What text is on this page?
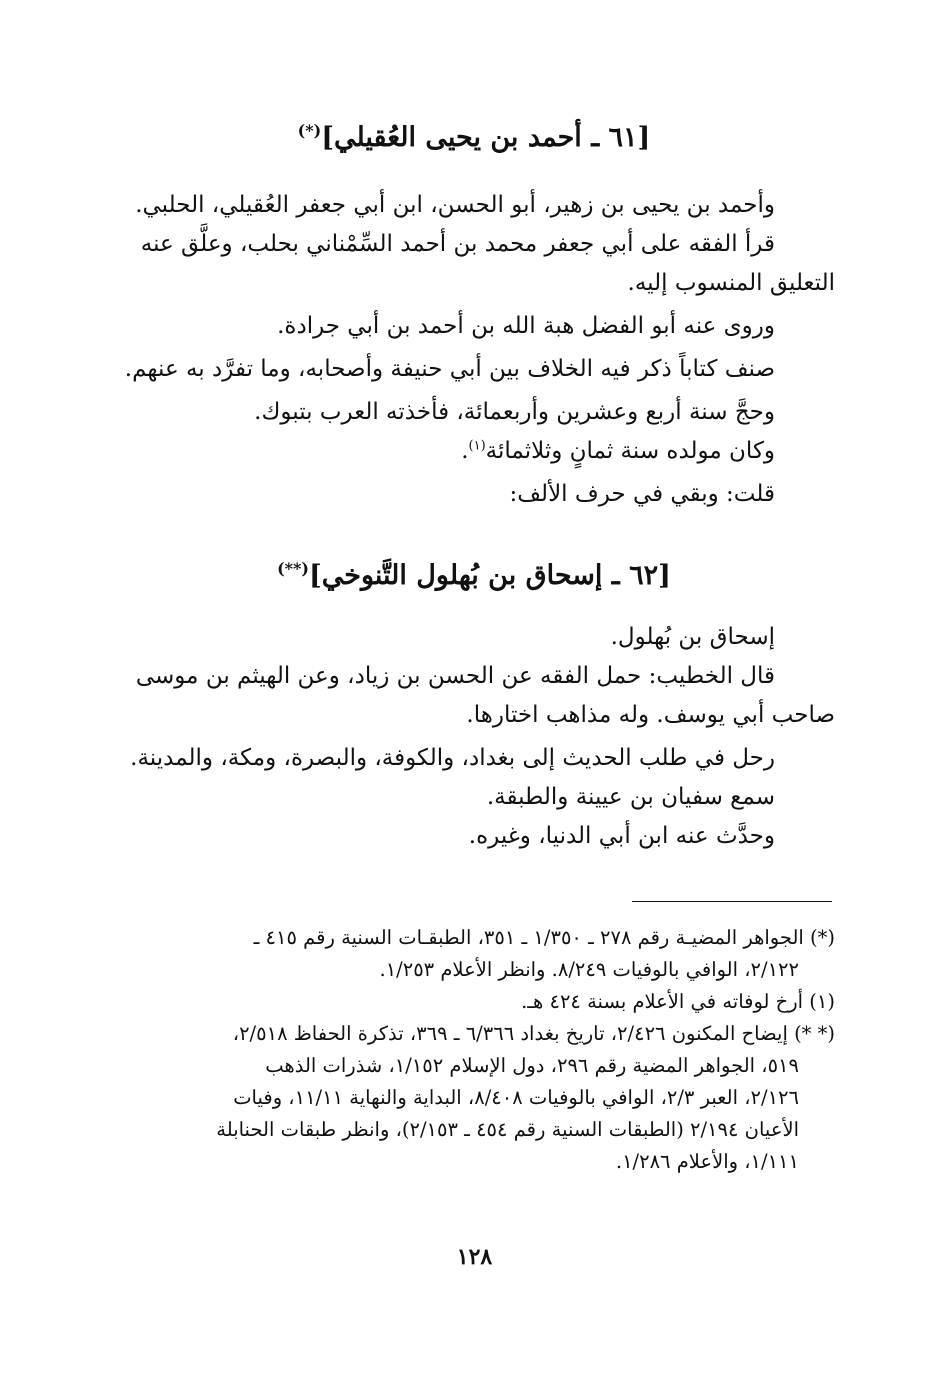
[٦١ ـ أحمد بن يحيى العُقيلي](*)
وأحمد بن يحيى بن زهير، أبو الحسن، ابن أبي جعفر العُقيلي، الحلبي.
قرأ الفقه على أبي جعفر محمد بن أحمد السِّمْناني بحلب، وعلَّق عنه
التعليق المنسوب إليه.
وروى عنه أبو الفضل هبة الله بن أحمد بن أبي جرادة.
صنف كتاباً ذكر فيه الخلاف بين أبي حنيفة وأصحابه، وما تفرَّد به عنهم.
وحجَّ سنة أربع وعشرين وأربعمائة، فأخذته العرب بتبوك.
وكان مولده سنة ثمانٍ وثلاثمائة$^{(١)}$.
قلت: وبقي في حرف الألف:
[٦٢ ـ إسحاق بن بُهلول التَّنوخي](**)
إسحاق بن بُهلول.
قال الخطيب: حمل الفقه عن الحسن بن زياد، وعن الهيثم بن موسى
صاحب أبي يوسف. وله مذاهب اختارها.
رحل في طلب الحديث إلى بغداد، والكوفة، والبصرة، ومكة، والمدينة.
سمع سفيان بن عيينة والطبقة.
وحدَّث عنه ابن أبي الدنيا، وغيره.
(*) الجواهر المضيـة رقم ٢٧٨ ـ ١/٣٥٠ ـ ٣٥١، الطبقـات السنية رقم ٤١٥ ـ
٢/١٢٢، الوافي بالوفيات ٨/٢٤٩. وانظر الأعلام ١/٢٥٣.
(١) أرخ لوفاته في الأعلام بسنة ٤٢٤ هـ.
(* *) إيضاح المكنون ٢/٤٢٦، تاريخ بغداد ٦/٣٦٦ ـ ٣٦٩، تذكرة الحفاظ ٢/٥١٨،
٥١٩، الجواهر المضية رقم ٢٩٦، دول الإسلام ١/١٥٢، شذرات الذهب
٢/١٢٦، العبر ٢/٣، الوافي بالوفيات ٨/٤٠٨، البداية والنهاية ١١/١١، وفيات
الأعيان ٢/١٩٤ (الطبقات السنية رقم ٤٥٤ ـ ٢/١٥٣)، وانظر طبقات الحنابلة
١/١١١، والأعلام ١/٢٨٦.
١٢٨
